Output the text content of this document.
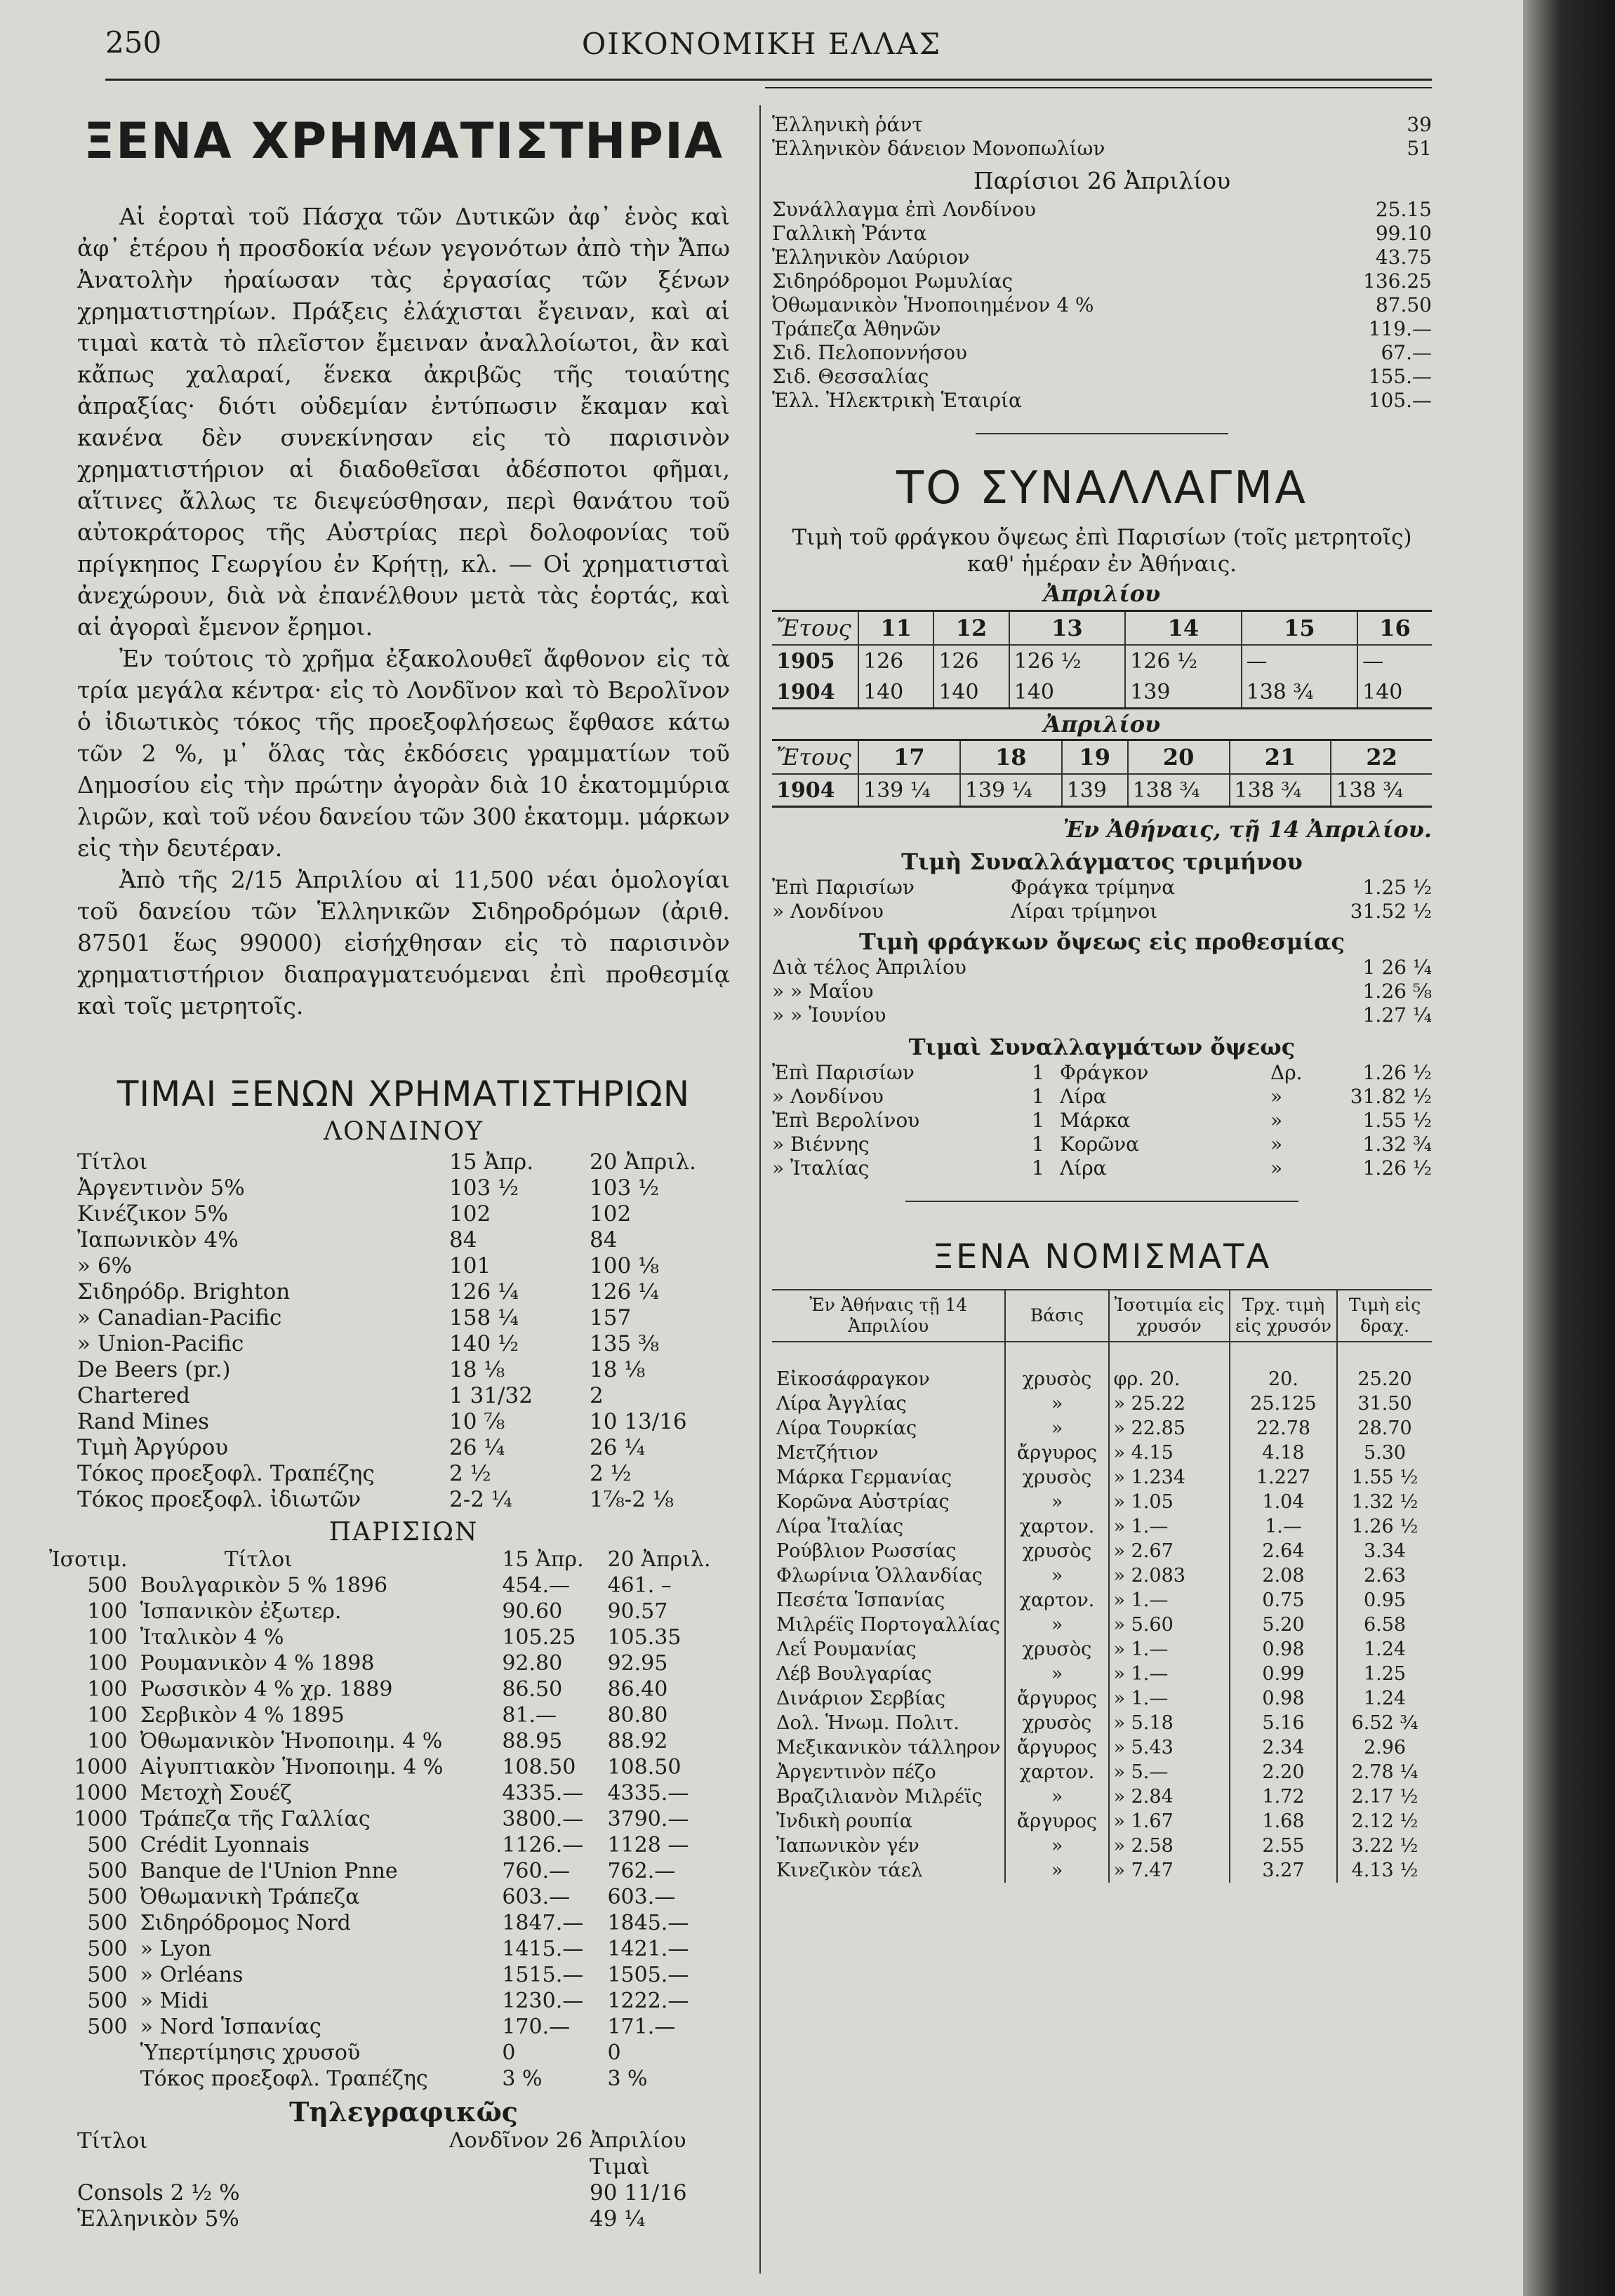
250	ΟΙΚΟΝΟΜΙΚΗ ΕΛΛΑΣ
ΞΕΝΑ ΧΡΗΜΑΤΙΣΤΗΡΙΑ

Αἱ ἑορταὶ τοῦ Πάσχα τῶν Δυτικῶν ἀφ᾽ ἑνὸς καὶ ἀφ᾽ ἑτέρου ἡ προσδοκία νέων γεγονότων ἀπὸ τὴν Ἄπω Ἀνατολὴν ἠραίωσαν τὰς ἐργασίας τῶν ξένων χρηματιστηρίων. Πράξεις ἐλάχισται ἔγειναν, καὶ αἱ τιμαὶ κατὰ τὸ πλεῖστον ἔμειναν ἀναλλοίωτοι, ἂν καὶ κἄπως χαλαραί, ἕνεκα ἀκριβῶς τῆς τοιαύτης ἀπραξίας· διότι οὐδεμίαν ἐντύπωσιν ἔκαμαν καὶ κανένα δὲν συνεκίνησαν εἰς τὸ παρισινὸν χρηματιστήριον αἱ διαδοθεῖσαι ἀδέσποτοι φῆμαι, αἵτινες ἄλλως τε διεψεύσθησαν, περὶ θανάτου τοῦ αὐτοκράτορος τῆς Αὐστρίας περὶ δολοφονίας τοῦ πρίγκηπος Γεωργίου ἐν Κρήτῃ, κλ. — Οἱ χρηματισταὶ ἀνεχώρουν, διὰ νὰ ἐπανέλθουν μετὰ τὰς ἑορτάς, καὶ αἱ ἀγοραὶ ἔμενον ἔρημοι.

Ἐν τούτοις τὸ χρῆμα ἐξακολουθεῖ ἄφθονον εἰς τὰ τρία μεγάλα κέντρα· εἰς τὸ Λονδῖνον καὶ τὸ Βερολῖνον ὁ ἰδιωτικὸς τόκος τῆς προεξοφλήσεως ἔφθασε κάτω τῶν 2 %, μ᾽ ὅλας τὰς ἐκδόσεις γραμματίων τοῦ Δημοσίου εἰς τὴν πρώτην ἀγορὰν διὰ 10 ἑκατομμύρια λιρῶν, καὶ τοῦ νέου δανείου τῶν 300 ἑκατομμ. μάρκων εἰς τὴν δευτέραν.

Ἀπὸ τῆς 2/15 Ἀπριλίου αἱ 11,500 νέαι ὁμολογίαι τοῦ δανείου τῶν Ἑλληνικῶν Σιδηροδρόμων (ἀριθ. 87501 ἕως 99000) εἰσήχθησαν εἰς τὸ παρισινὸν χρηματιστήριον διαπραγματευόμεναι ἐπὶ προθεσμίᾳ καὶ τοῖς μετρητοῖς.

ΤΙΜΑΙ ΞΕΝΩΝ ΧΡΗΜΑΤΙΣΤΗΡΙΩΝ
ΛΟΝΔΙΝΟΥ
Τίτλοι	15 Ἀπρ.	20 Ἀπριλ.
Ἀργεντινὸν 5%	103 ½	103 ½
Κινέζικον 5%	102	102
Ἰαπωνικὸν 4%	84	84
» 6%	101	100 ⅛
Σιδηρόδρ. Brighton	126 ¼	126 ¼
» Canadian-Pacific	158 ¼	157
» Union-Pacific	140 ½	135 ⅜
De Beers (pr.)	18 ⅛	18 ⅛
Chartered	1 31/32	2
Rand Mines	10 ⅞	10 13/16
Τιμὴ Ἀργύρου	26 ¼	26 ¼
Τόκος προεξοφλ. Τραπέζης	2 ½	2 ½
Τόκος προεξοφλ. ἰδιωτῶν	2-2 ¼	1⅞-2 ⅛
ΠΑΡΙΣΙΩΝ
Ἰσοτιμ.	Τίτλοι	15 Ἀπρ.	20 Ἀπριλ.
500	Βουλγαρικὸν 5 % 1896	454.—	461. –
100	Ἱσπανικὸν ἐξωτερ.	90.60	90.57
100	Ἰταλικὸν 4 %	105.25	105.35
100	Ρουμανικὸν 4 % 1898	92.80	92.95
100	Ρωσσικὸν 4 % χρ. 1889	86.50	86.40
100	Σερβικὸν 4 % 1895	81.—	80.80
100	Ὀθωμανικὸν Ἡνοποιημ. 4 %	88.95	88.92
1000	Αἰγυπτιακὸν Ἡνοποιημ. 4 %	108.50	108.50
1000	Μετοχὴ Σουέζ	4335.—	4335.—
1000	Τράπεζα τῆς Γαλλίας	3800.—	3790.—
500	Crédit Lyonnais	1126.—	1128 —
500	Banque de l'Union Pnne	760.—	762.—
500	Ὀθωμανικὴ Τράπεζα	603.—	603.—
500	Σιδηρόδρομος Nord	1847.—	1845.—
500	» Lyon	1415.—	1421.—
500	» Orléans	1515.—	1505.—
500	» Midi	1230.—	1222.—
500	» Nord Ἱσπανίας	170.—	171.—
	Ὑπερτίμησις χρυσοῦ	0	0
	Τόκος προεξοφλ. Τραπέζης	3 %	3 %
Τηλεγραφικῶς
Τίτλοι	Λονδῖνον 26 Ἀπριλίου	
		Τιμαὶ
Consols 2 ½ %		90 11/16
Ἑλληνικὸν 5%		49 ¼
Ἑλληνικὴ ῥάντ	39
Ἑλληνικὸν δάνειον Μονοπωλίων	51
Παρίσιοι 26 Ἀπριλίου
Συνάλλαγμα ἐπὶ Λονδίνου	25.15
Γαλλικὴ Ῥάντα	99.10
Ἑλληνικὸν Λαύριον	43.75
Σιδηρόδρομοι Ρωμυλίας	136.25
Ὀθωμανικὸν Ἡνοποιημένον 4 %	87.50
Τράπεζα Ἀθηνῶν	119.—
Σιδ. Πελοποννήσου	67.—
Σιδ. Θεσσαλίας	155.—
Ἑλλ. Ἠλεκτρικὴ Ἑταιρία	105.—
ΤΟ ΣΥΝΑΛΛΑΓΜΑ
Τιμὴ τοῦ φράγκου ὄψεως ἐπὶ Παρισίων (τοῖς μετρητοῖς) καθ' ἡμέραν ἐν Ἀθήναις.
Ἀπριλίου
Ἔτους	11	12	13	14	15	16
1905	126	126	126 ½	126 ½	—	—
1904	140	140	140	139	138 ¾	140
Ἀπριλίου
Ἔτους	17	18	19	20	21	22
1904	139 ¼	139 ¼	139	138 ¾	138 ¾	138 ¾
Ἐν Ἀθήναις, τῇ 14 Ἀπριλίου.
Τιμὴ Συναλλάγματος τριμήνου
Ἐπὶ Παρισίων	Φράγκα τρίμηνα	1.25 ½
» Λονδίνου	Λίραι τρίμηνοι	31.52 ½
Τιμὴ φράγκων ὄψεως εἰς προθεσμίας
Διὰ τέλος Ἀπριλίου	1 26 ¼
» » Μαΐου	1.26 ⅝
» » Ἰουνίου	1.27 ¼
Τιμαὶ Συναλλαγμάτων ὄψεως
Ἐπὶ Παρισίων	1	Φράγκον	Δρ.	1.26 ½
» Λονδίνου	1	Λίρα	»	31.82 ½
Ἐπὶ Βερολίνου	1	Μάρκα	»	1.55 ½
» Βιέννης	1	Κορῶνα	»	1.32 ¾
» Ἰταλίας	1	Λίρα	»	1.26 ½
ΞΕΝΑ ΝΟΜΙΣΜΑΤΑ
Ἐν Ἀθήναις τῇ 14 Ἀπριλίου	Βάσις	Ἰσοτιμία εἰς χρυσόν	Τρχ. τιμὴ εἰς χρυσόν	Τιμὴ εἰς δραχ.

Εἰκοσάφραγκον	χρυσὸς	φρ. 20.	20.	25.20
Λίρα Ἀγγλίας	»	» 25.22	25.125	31.50
Λίρα Τουρκίας	»	» 22.85	22.78	28.70
Μετζήτιον	ἄργυρος	» 4.15	4.18	5.30
Μάρκα Γερμανίας	χρυσὸς	» 1.234	1.227	1.55 ½
Κορῶνα Αὐστρίας	»	» 1.05	1.04	1.32 ½
Λίρα Ἰταλίας	χαρτον.	» 1.—	1.—	1.26 ½
Ρούβλιον Ρωσσίας	χρυσὸς	» 2.67	2.64	3.34
Φλωρίνια Ὁλλανδίας	»	» 2.083	2.08	2.63
Πεσέτα Ἱσπανίας	χαρτον.	» 1.—	0.75	0.95
Μιλρέϊς Πορτογαλλίας	»	» 5.60	5.20	6.58
Λεΐ Ρουμανίας	χρυσὸς	» 1.—	0.98	1.24
Λέβ Βουλγαρίας	»	» 1.—	0.99	1.25
Δινάριον Σερβίας	ἄργυρος	» 1.—	0.98	1.24
Δολ. Ἡνωμ. Πολιτ.	χρυσὸς	» 5.18	5.16	6.52 ¾
Μεξικανικὸν τάλληρον	ἄργυρος	» 5.43	2.34	2.96
Ἀργεντινὸν πέζο	χαρτον.	» 5.—	2.20	2.78 ¼
Βραζιλιανὸν Μιλρέϊς	»	» 2.84	1.72	2.17 ½
Ἰνδικὴ ρουπία	ἄργυρος	» 1.67	1.68	2.12 ½
Ἰαπωνικὸν γέν	»	» 2.58	2.55	3.22 ½
Κινεζικὸν τάελ	»	» 7.47	3.27	4.13 ½
